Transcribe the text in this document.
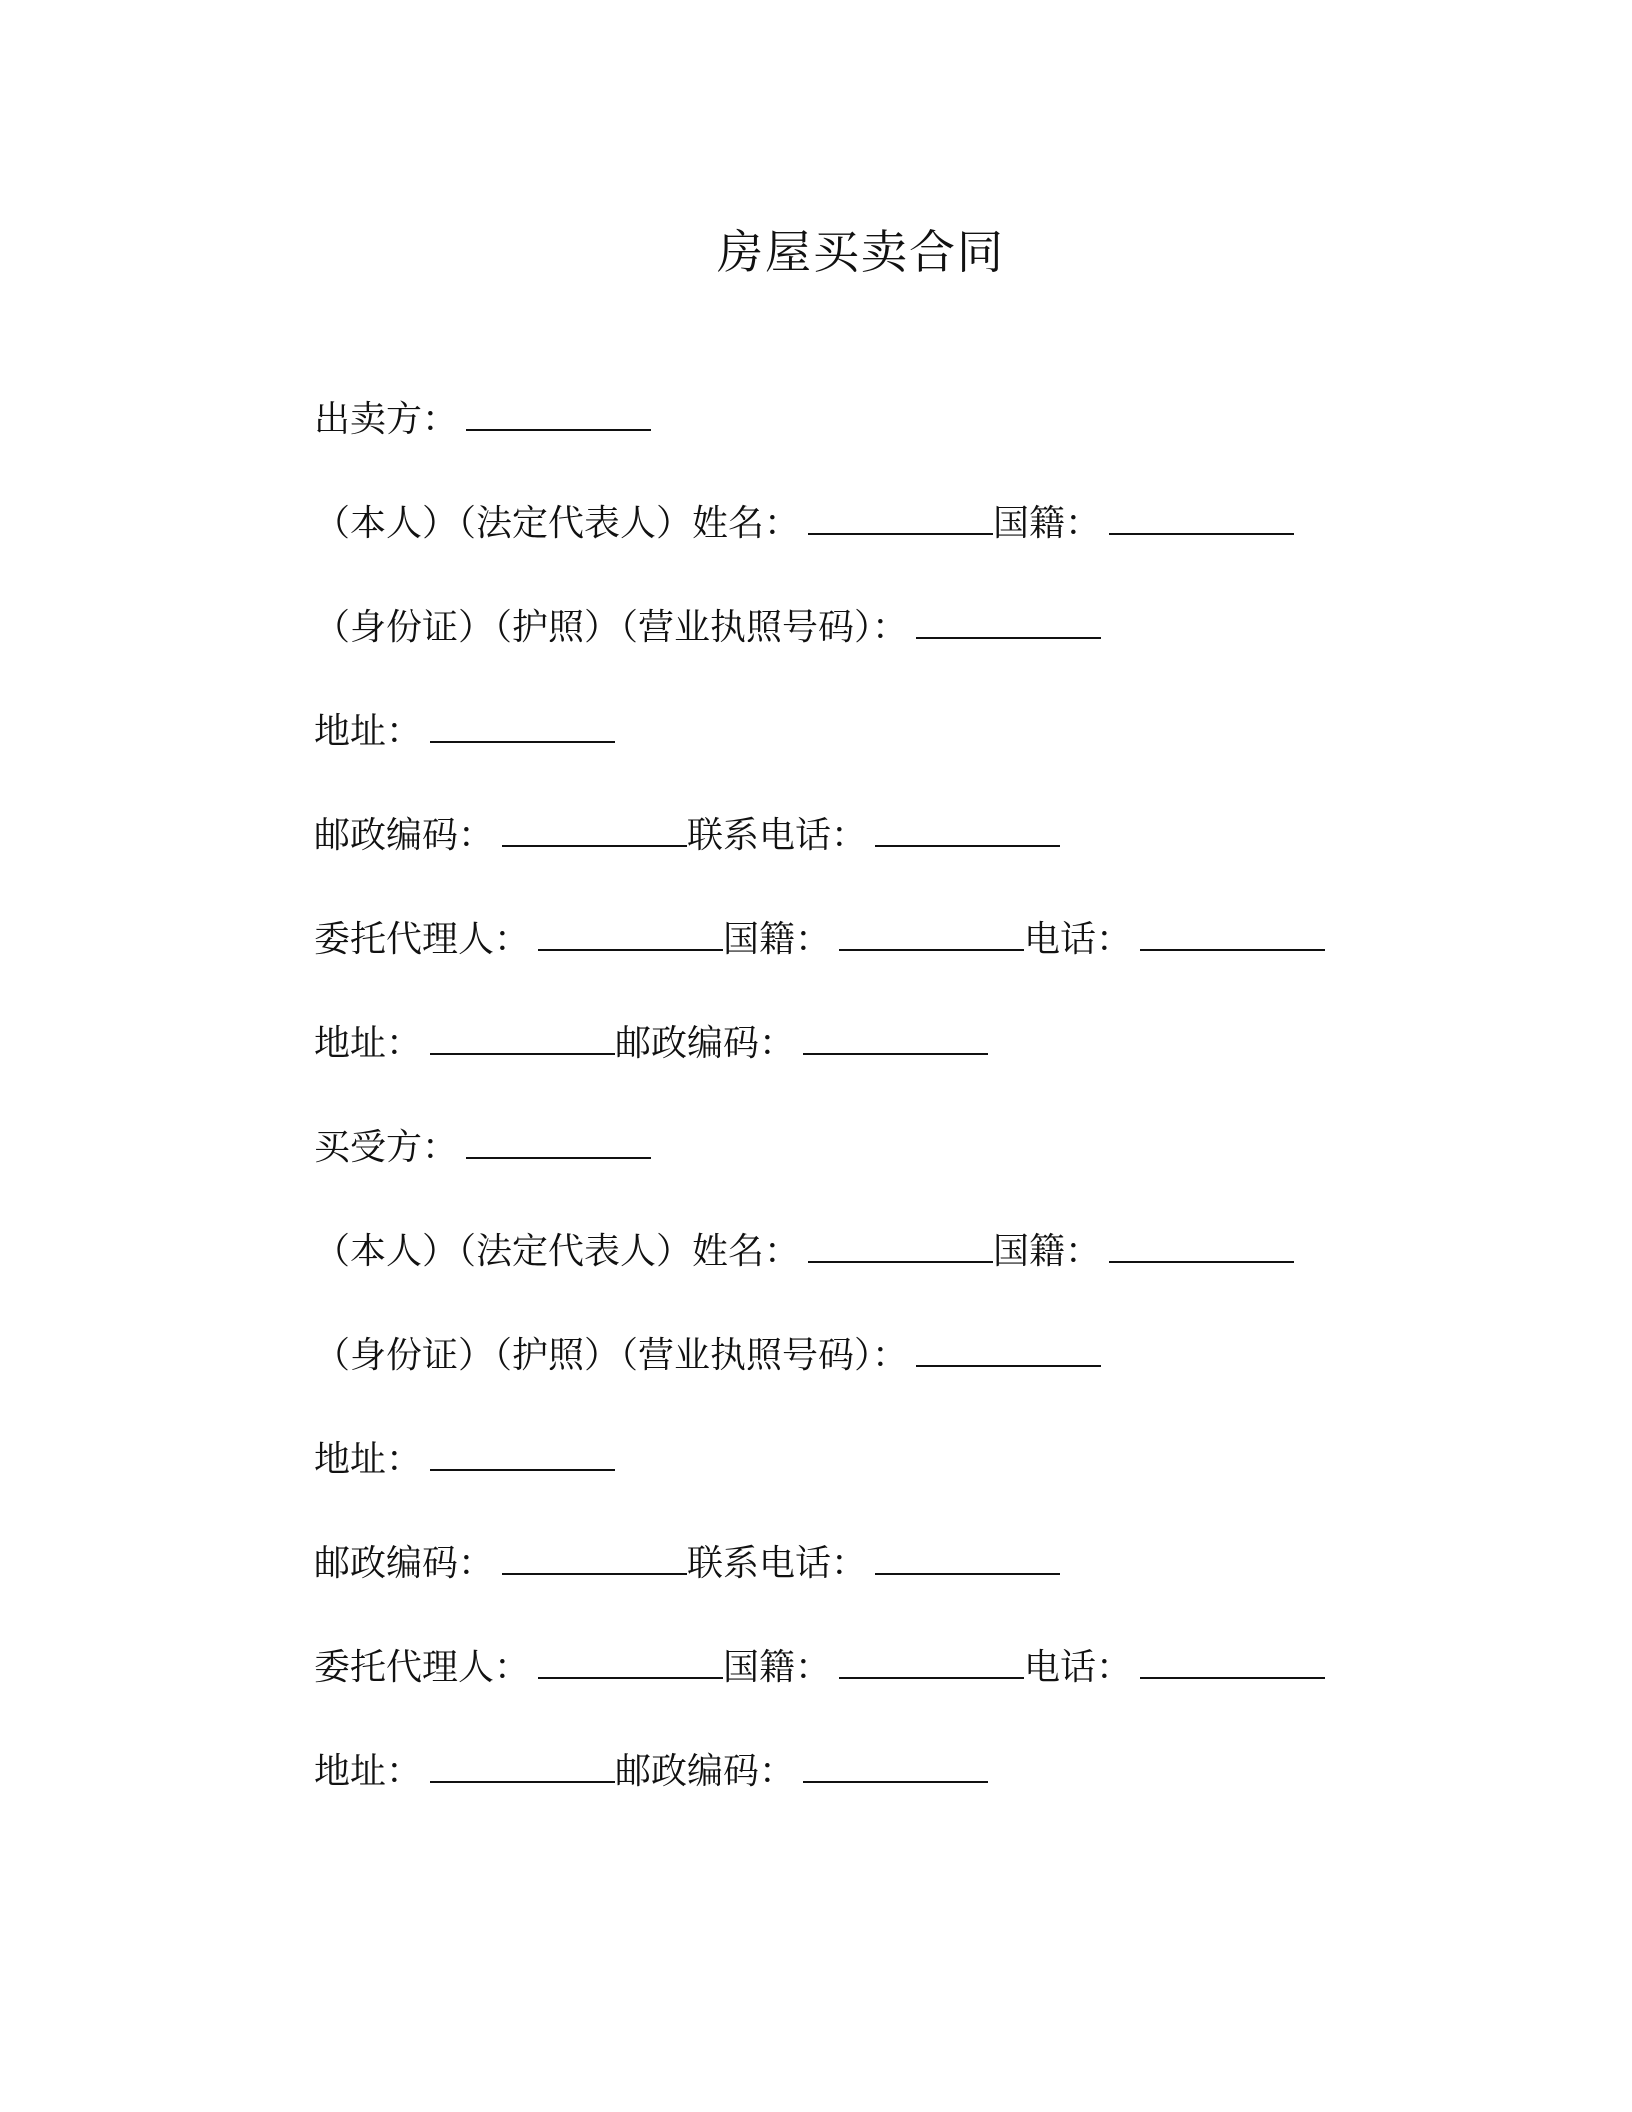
房屋买卖合同
出卖方：
（本人）（法定代表人）姓名：	国籍：
（身份证）（护照）（营业执照号码）：
地址：
邮政编码：	联系电话：
委托代理人：	国籍：	电话：
地址：	邮政编码：
买受方：
（本人）（法定代表人）姓名：	国籍：
（身份证）（护照）（营业执照号码）：
地址：
邮政编码：	联系电话：
委托代理人：	国籍：	电话：
地址：	邮政编码：
